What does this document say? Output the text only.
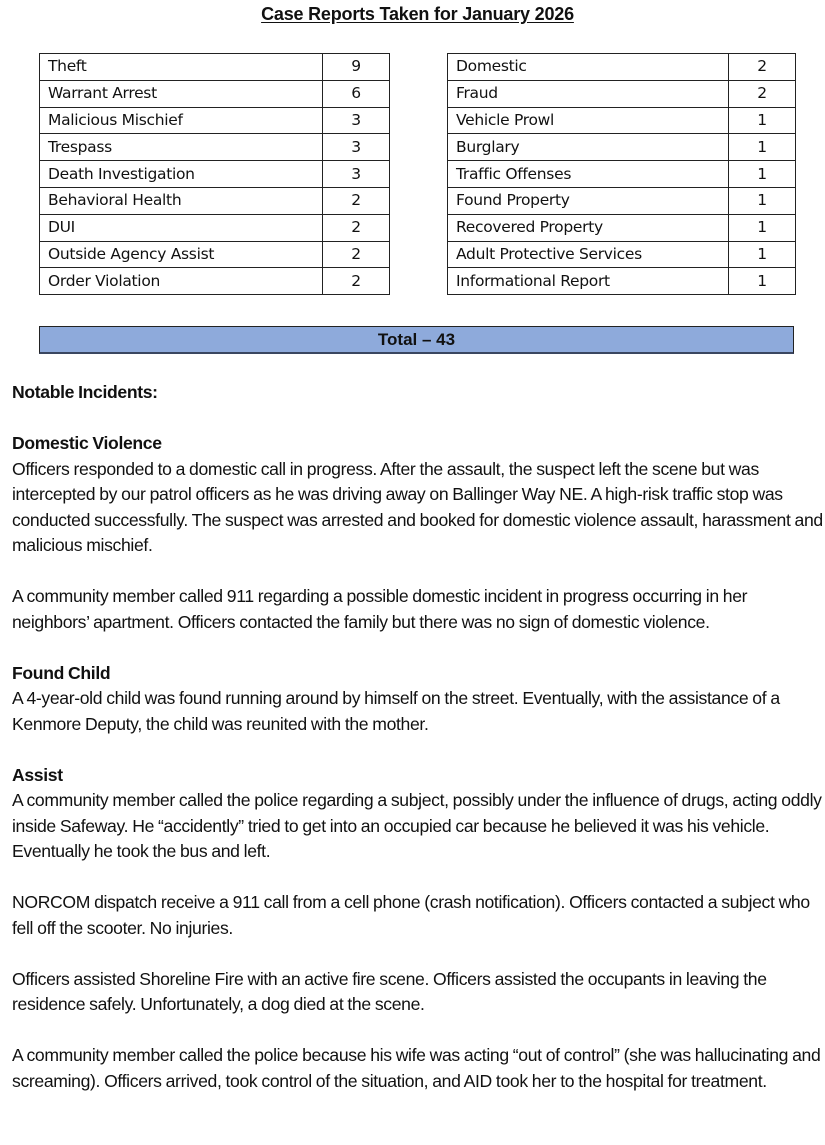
Case Reports Taken for January 2026
Theft	9
Warrant Arrest	6
Malicious Mischief	3
Trespass	3
Death Investigation	3
Behavioral Health	2
DUI	2
Outside Agency Assist	2
Order Violation	2
Domestic	2
Fraud	2
Vehicle Prowl	1
Burglary	1
Traffic Offenses	1
Found Property	1
Recovered Property	1
Adult Protective Services	1
Informational Report	1
Total – 43

Notable Incidents:

Domestic Violence

Officers responded to a domestic call in progress. After the assault, the suspect left the scene but was intercepted by our patrol officers as he was driving away on Ballinger Way NE. A high-risk traffic stop was conducted successfully. The suspect was arrested and booked for domestic violence assault, harassment and malicious mischief.

A community member called 911 regarding a possible domestic incident in progress occurring in her neighbors’ apartment. Officers contacted the family but there was no sign of domestic violence.

Found Child

A 4-year-old child was found running around by himself on the street. Eventually, with the assistance of a Kenmore Deputy, the child was reunited with the mother.

Assist

A community member called the police regarding a subject, possibly under the influence of drugs, acting oddly inside Safeway. He “accidently” tried to get into an occupied car because he believed it was his vehicle. Eventually he took the bus and left.

NORCOM dispatch receive a 911 call from a cell phone (crash notification). Officers contacted a subject who fell off the scooter. No injuries.

Officers assisted Shoreline Fire with an active fire scene. Officers assisted the occupants in leaving the residence safely. Unfortunately, a dog died at the scene.

A community member called the police because his wife was acting “out of control” (she was hallucinating and screaming). Officers arrived, took control of the situation, and AID took her to the hospital for treatment.
